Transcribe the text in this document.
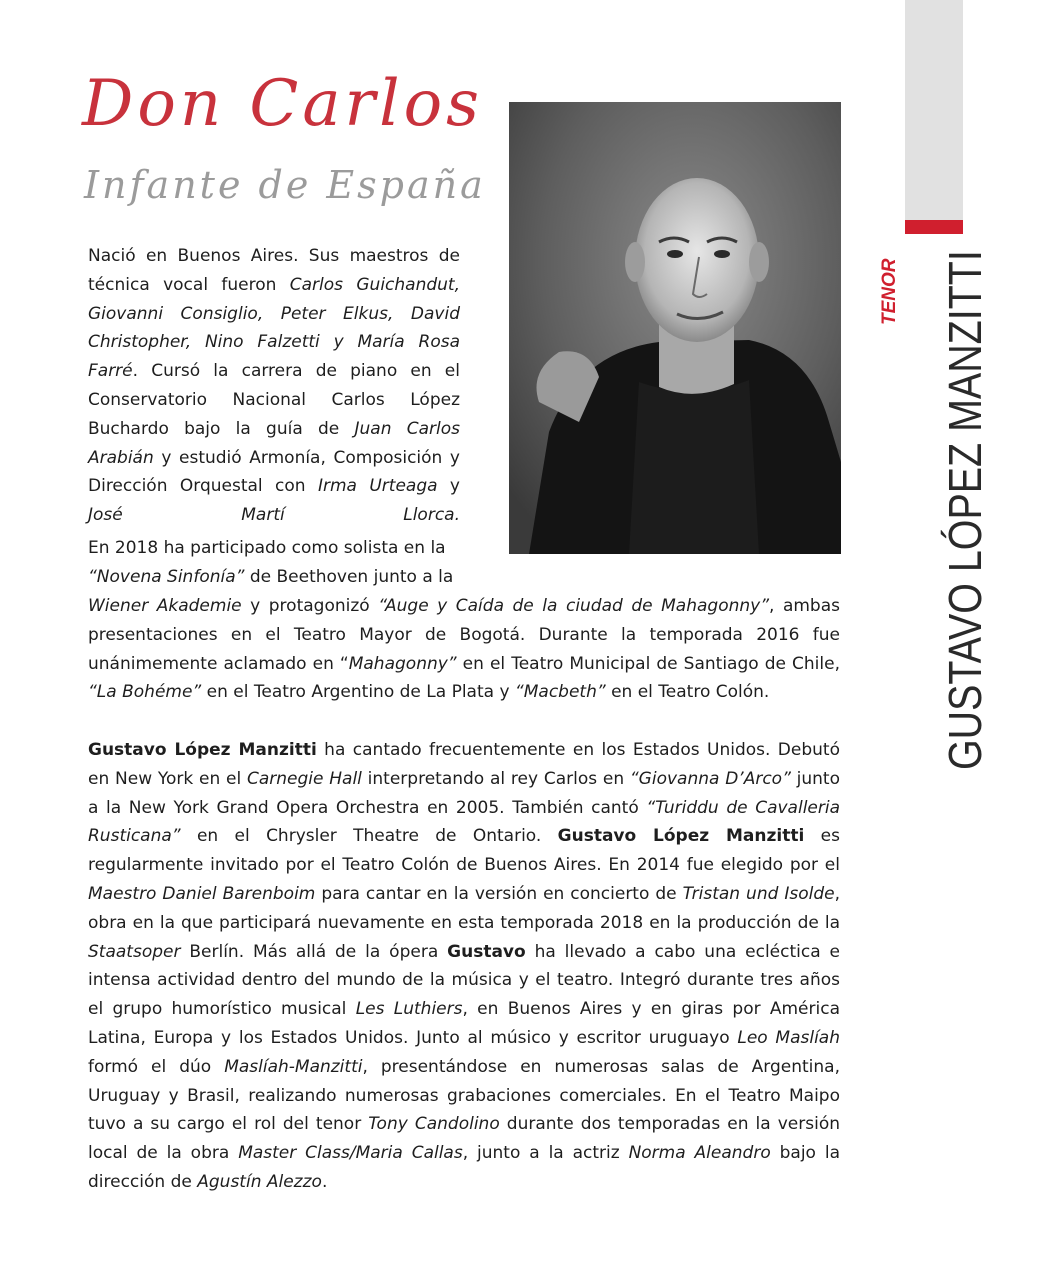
Don Carlos
Infante de España

Nació en Buenos Aires. Sus maestros de técnica vocal fueron Carlos Guichandut, Giovanni Consiglio, Peter Elkus, David Christopher, Nino Falzetti y María Rosa Farré. Cursó la carrera de piano en el Conservatorio Nacional Carlos López Buchardo bajo la guía de Juan Carlos Arabián y estudió Armonía, Composición y Dirección Orquestal con Irma Urteaga y José Martí Llorca.

En 2018 ha participado como solista en la
“Novena Sinfonía” de Beethoven junto a la

Wiener Akademie y protagonizó “Auge y Caída de la ciudad de Mahagonny”, ambas presentaciones en el Teatro Mayor de Bogotá. Durante la temporada 2016 fue unánimemente aclamado en “Mahagonny” en el Teatro Municipal de Santiago de Chile, “La Bohéme” en el Teatro Argentino de La Plata y “Macbeth” en el Teatro Colón.

Gustavo López Manzitti ha cantado frecuentemente en los Estados Unidos. Debutó en New York en el Carnegie Hall interpretando al rey Carlos en “Giovanna D’Arco” junto a la New York Grand Opera Orchestra en 2005. También cantó “Turiddu de Cavalleria Rusticana” en el Chrysler Theatre de Ontario. Gustavo López Manzitti es regularmente invitado por el Teatro Colón de Buenos Aires. En 2014 fue elegido por el Maestro Daniel Barenboim para cantar en la versión en concierto de Tristan und Isolde, obra en la que participará nuevamente en esta temporada 2018 en la producción de la Staatsoper Berlín. Más allá de la ópera Gustavo ha llevado a cabo una ecléctica e intensa actividad dentro del mundo de la música y el teatro. Integró durante tres años el grupo humorístico musical Les Luthiers, en Buenos Aires y en giras por América Latina, Europa y los Estados Unidos. Junto al músico y escritor uruguayo Leo Maslíah formó el dúo Maslíah-Manzitti, presentándose en numerosas salas de Argentina, Uruguay y Brasil, realizando numerosas grabaciones comerciales. En el Teatro Maipo tuvo a su cargo el rol del tenor Tony Candolino durante dos temporadas en la versión local de la obra Master Class/Maria Callas, junto a la actriz Norma Aleandro bajo la dirección de Agustín Alezzo.

TENOR GUSTAVO LÓPEZ MANZITTI
